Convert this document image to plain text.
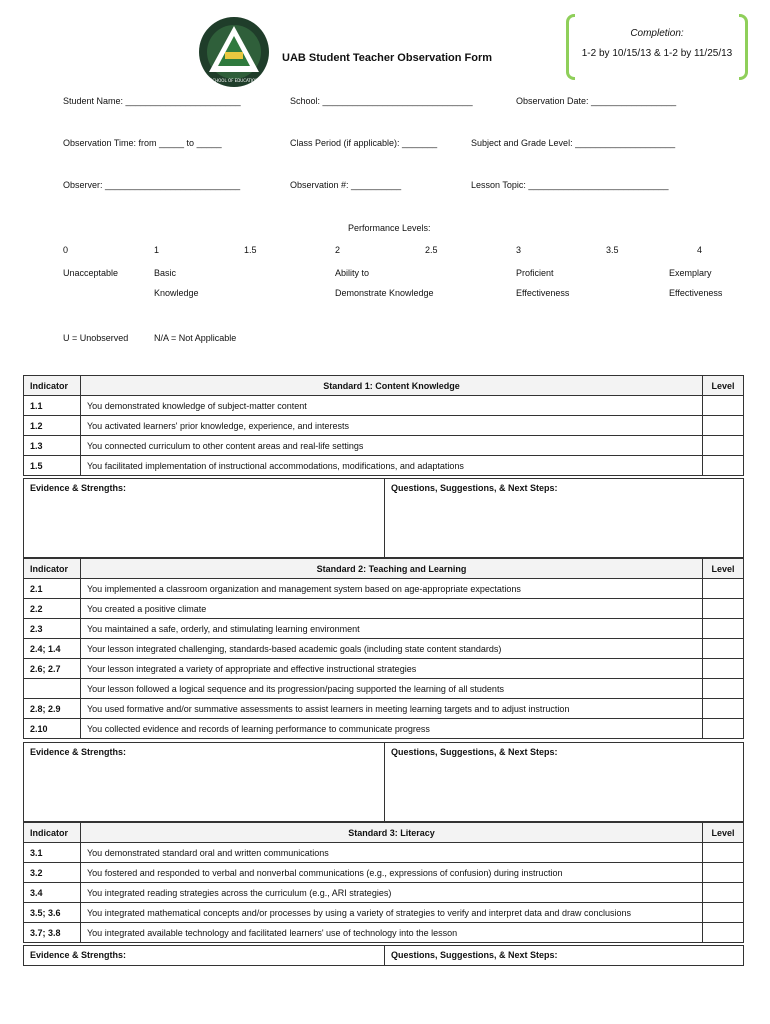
SCHOOL OF EDUCATION
UAB Student Teacher Observation Form
Completion:
1-2 by 10/15/13 & 1-2 by 11/25/13
Student Name: _______________________	School: ______________________________	Observation Date: _________________
Observation Time: from _____ to _____	Class Period (if applicable): _______	Subject and Grade Level: ____________________
Observer: ___________________________	Observation #: __________	Lesson Topic: ____________________________
Performance Levels:
0	1	1.5	2	2.5	3	3.5	4
Unacceptable	Basic
Knowledge
Ability to
Demonstrate Knowledge
Proficient
Effectiveness
Exemplary
Effectiveness
U = Unobserved	N/A = Not Applicable
Indicator	Standard 1: Content Knowledge	Level
1.1	You demonstrated knowledge of subject-matter content	
1.2	You activated learners' prior knowledge, experience, and interests	
1.3	You connected curriculum to other content areas and real-life settings	
1.5	You facilitated implementation of instructional accommodations, modifications, and adaptations	
Evidence & Strengths:	Questions, Suggestions, & Next Steps:
Indicator	Standard 2: Teaching and Learning	Level
2.1	You implemented a classroom organization and management system based on age-appropriate expectations	
2.2	You created a positive climate	
2.3	You maintained a safe, orderly, and stimulating learning environment	
2.4; 1.4	Your lesson integrated challenging, standards-based academic goals (including state content standards)	
2.6; 2.7	Your lesson integrated a variety of appropriate and effective instructional strategies	
	Your lesson followed a logical sequence and its progression/pacing supported the learning of all students	
2.8; 2.9	You used formative and/or summative assessments to assist learners in meeting learning targets and to adjust instruction	
2.10	You collected evidence and records of learning performance to communicate progress	
Evidence & Strengths:	Questions, Suggestions, & Next Steps:
Indicator	Standard 3: Literacy	Level
3.1	You demonstrated standard oral and written communications	
3.2	You fostered and responded to verbal and nonverbal communications (e.g., expressions of confusion) during instruction	
3.4	You integrated reading strategies across the curriculum (e.g., ARI strategies)	
3.5; 3.6	You integrated mathematical concepts and/or processes by using a variety of strategies to verify and interpret data and draw conclusions	
3.7; 3.8	You integrated available technology and facilitated learners' use of technology into the lesson	
Evidence & Strengths:	Questions, Suggestions, & Next Steps:
